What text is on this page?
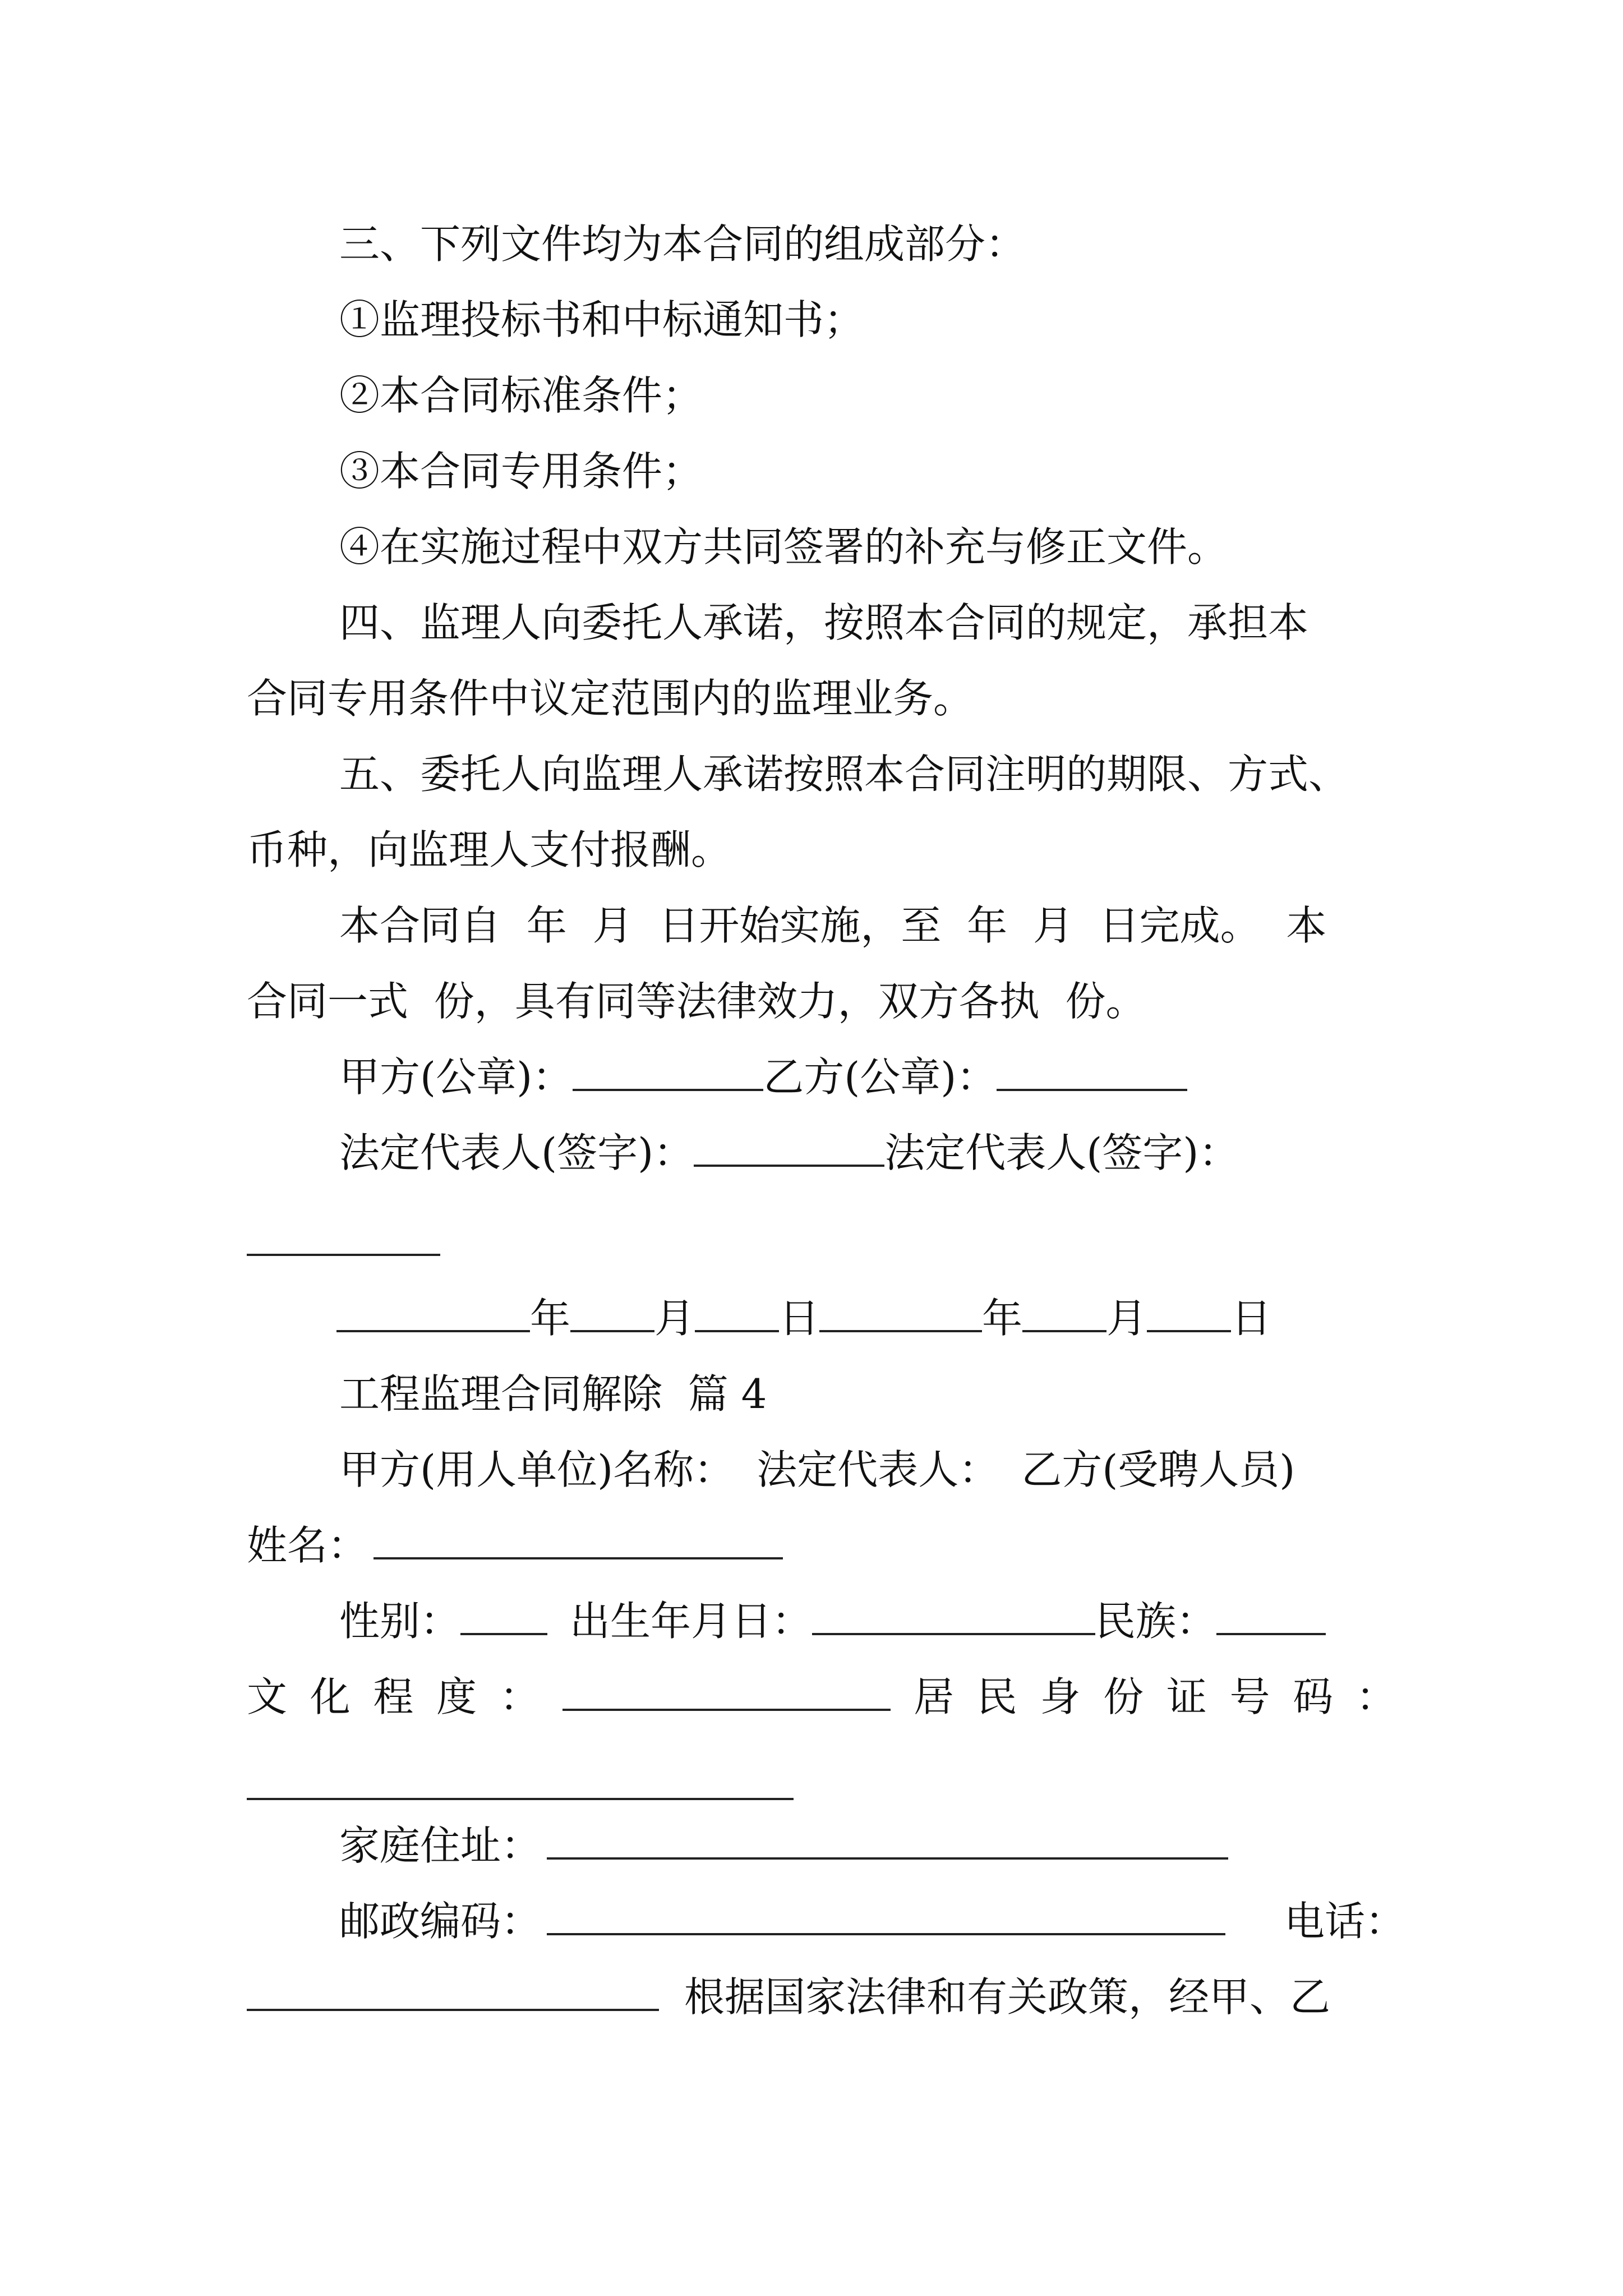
三、下列文件均为本合同的组成部分：
①监理投标书和中标通知书；
②本合同标准条件；
③本合同专用条件；
④在实施过程中双方共同签署的补充与修正文件。
四、监理人向委托人承诺，按照本合同的规定，承担本
合同专用条件中议定范围内的监理业务。
五、委托人向监理人承诺按照本合同注明的期限、方式、
币种，向监理人支付报酬。
本合同自  年  月  日开始实施，至  年  月  日完成。  本
合同一式  份，具有同等法律效力，双方各执  份。
甲方(公章)：	乙方(公章)：
法定代表人(签字)：	法定代表人(签字)：
年 月 日	年 月 日
工程监理合同解除  篇 4
甲方(用人单位)名称： 法定代表人： 乙方(受聘人员)
姓名：
性别：	出生年月日：	民族：
文 化 程 度 ：	居 民 身 份 证 号 码 ：
家庭住址：
邮政编码：	电话：
根据国家法律和有关政策，经甲、乙
